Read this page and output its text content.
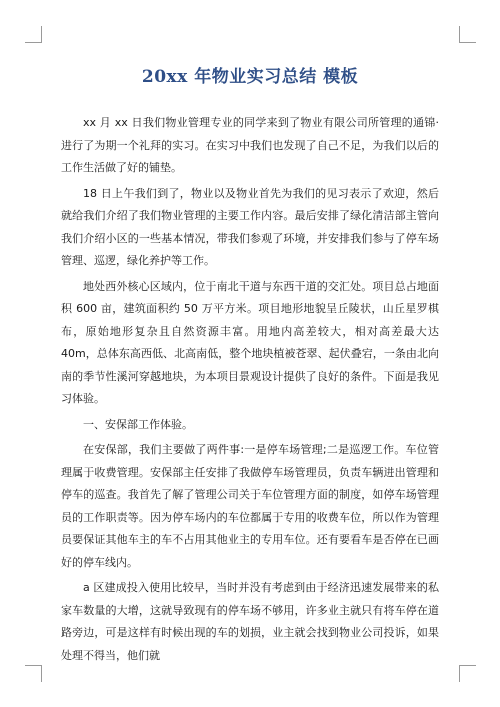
20xx 年物业实习总结 模板

xx 月 xx 日我们物业管理专业的同学来到了物业有限公司所管理的通锦·进行了为期一个礼拜的实习。在实习中我们也发现了自己不足，为我们以后的工作生活做了好的铺垫。

18 日上午我们到了，物业以及物业首先为我们的见习表示了欢迎，然后就给我们介绍了我们物业管理的主要工作内容。最后安排了绿化清洁部主管向我们介绍小区的一些基本情况，带我们参观了环境，并安排我们参与了停车场管理、巡逻，绿化养护等工作。

地处西外核心区域内，位于南北干道与东西干道的交汇处。项目总占地面积 600 亩，建筑面积约 50 万平方米。项目地形地貌呈丘陵状，山丘星罗棋布，原始地形复杂且自然资源丰富。用地内高差较大，相对高差最大达 40m，总体东高西低、北高南低，整个地块植被苍翠、起伏叠宕，一条由北向南的季节性溪河穿越地块，为本项目景观设计提供了良好的条件。下面是我见习体验。

一、安保部工作体验。

在安保部，我们主要做了两件事:一是停车场管理;二是巡逻工作。车位管理属于收费管理。安保部主任安排了我做停车场管理员，负责车辆进出管理和停车的巡查。我首先了解了管理公司关于车位管理方面的制度，如停车场管理员的工作职责等。因为停车场内的车位都属于专用的收费车位，所以作为管理员要保证其他车主的车不占用其他业主的专用车位。还有要看车是否停在已画好的停车线内。

a 区建成投入使用比较早，当时并没有考虑到由于经济迅速发展带来的私家车数量的大增，这就导致现有的停车场不够用，许多业主就只有将车停在道路旁边，可是这样有时候出现的车的划损，业主就会找到物业公司投诉，如果处理不得当，他们就
